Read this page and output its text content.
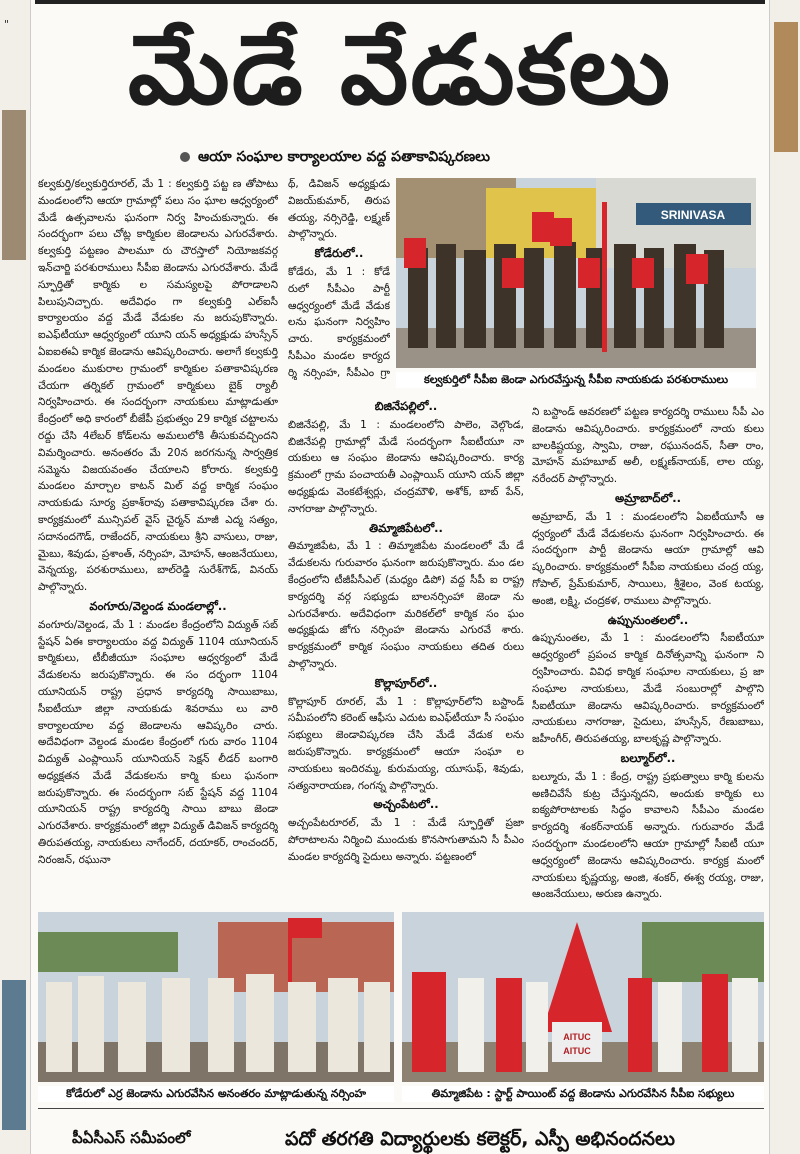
"	మేడే వేడుకలు
ఆయా సంఘాల కార్యాలయాల వద్ద పతాకావిష్కరణలు

కల్వకుర్తి/కల్వకుర్తిరూరల్, మే 1 : కల్వకుర్తి పట్ట ణ తోపాటు మండలంలోని ఆయా గ్రామాల్లో పలు సం ఘాల ఆధ్వర్యంలో మేడే ఉత్సవాలను ఘనంగా నిర్వ హించుకున్నారు. ఈ సందర్భంగా పలు చోట్ల కార్మికుల జెండాలను ఎగురవేశారు. కల్వకుర్తి పట్టణం పాలమూ రు చౌరస్తాలో నియోజకవర్గ ఇన్‌చార్జి పరశురాములు సీపీఐ జెండాను ఎగురవేశారు. మేడే స్ఫూర్తితో కార్మికు ల సమస్యలపై పోరాడాలని పిలుపునిచ్చారు. అదేవిధం గా కల్వకుర్తి ఎల్‌ఐసీ కార్యాలయం వద్ద మేడే వేడుకల ను జరుపుకొన్నారు. ఐఎఫ్‌టీయూ ఆధ్వర్యంలో యూని యన్ అధ్యక్షుడు హుస్సేన్ ఏఐఐఈఏ కార్మిక జెండాను ఆవిష్కరించారు. అలాగే కల్వకుర్తి మండలం ముకురాల గ్రామంలో కార్మికుల పతాకావిష్కరణ చేయగా తర్నికల్ గ్రామంలో కార్మికులు బైక్ ర్యాలీ నిర్వహించారు. ఈ సందర్భంగా నాయకులు మాట్లాడుతూ కేంద్రంలో అధి కారంలో బీజేపీ ప్రభుత్వం 29 కార్మిక చట్టాలను రద్దు చేసి 4లేబర్ కోడ్‌లను అమలులోకి తీసుకువచ్చిందని విమర్శించారు. అనంతరం మే 20న జరగనున్న సార్వత్రిక సమ్మెను విజయవంతం చేయాలని కోరారు. కల్వకుర్తి మండలం మార్చాల కాటన్ మిల్ వద్ద కార్మిక సంఘం నాయకుడు సూర్య ప్రకాశ్‌రావు పతాకావిష్కరణ చేశా రు. కార్యక్రమంలో మున్సిపల్ వైస్ చైర్మన్ మాజీ ఎద్మ సత్యం, సదానందగౌడ్, రాజేందర్, నాయకులు శ్రీని వాసులు, రాజు, మైబు, శివుడు, ప్రశాంత్, నర్సింహ, మోహన్, ఆంజనేయులు, వెన్నయ్య, పరశురాములు, బాల్‌రెడ్డి సురేశ్‌గౌడ్, వినయ్ పాల్గొన్నారు.

వంగూరు/వెల్దండ మండలాల్లో..

వంగూరు/వెల్దండ, మే 1 : మండల కేంద్రంలోని విద్యుత్ సబ్ స్టేషన్ ఏఈ కార్యాలయం వద్ద విద్యుత్ 1104 యూనియన్ కార్మికులు, టీబీజీయూ సంఘాల ఆధ్వర్యంలో మేడే వేడుకలను జరుపుకొన్నారు. ఈ సం దర్భంగా 1104 యూనియన్ రాష్ట్ర ప్రధాన కార్యదర్శి సాయిబాబు, సీఐటీయూ జిల్లా నాయకుడు శివరాము లు వారి కార్యాలయాల వద్ద జెండాలను ఆవిష్కరిం చారు. అదేవిధంగా వెల్దండ మండల కేంద్రంలో గురు వారం 1104 విద్యుత్ ఎంప్లాయిస్ యూనియన్ సెక్షన్ లీడర్ బంగారి అధ్యక్షతన మేడే వేడుకలను కార్మి కులు ఘనంగా జరుపుకొన్నారు. ఈ సందర్భంగా సబ్ స్టేషన్ వద్ద 1104 యూనియన్ రాష్ట్ర కార్యదర్శి సాయి బాబు జెండా ఎగురవేశారు. కార్యక్రమంలో జిల్లా విద్యుత్ డివిజన్ కార్యదర్శి తిరుపతయ్య, నాయకులు నాగేందర్, దయాకర్, రాంచందర్, నిరంజన్, రఘునా

థ్, డివిజన్ అధ్యక్షుడు విజయ్‌కుమార్, తిరుప తయ్య, నర్సిరెడ్డి, లక్ష్మణ్ పాల్గొన్నారు.

కోడేరులో..

కోడేరు, మే 1 : కోడే రులో సీపీఎం పార్టీ ఆధ్వర్యంలో మేడే వేడుక లను ఘనంగా నిర్వహిం చారు. కార్యక్రమంలో సీపీఎం మండల కార్యద ర్శి నర్సింహ, సీపీఎం గ్రా

బిజినేపల్లిలో..

బిజినేపల్లి, మే 1 : మండలంలోని పాలెం, వెల్గొండ, బిజినేపల్లి గ్రామాల్లో మేడే సందర్భంగా సీఐటీయూ నా యకులు ఆ సంఘం జెండాను ఆవిష్కరించారు. కార్య క్రమంలో గ్రామ పంచాయతీ ఎంప్లాయిస్ యూని యన్ జిల్లా అధ్యక్షుడు వెంకటేశ్వర్లు, చంద్రమౌళి, అశోక్, బాబ్ పేన్, నాగరాజు పాల్గొన్నారు.

తిమ్మాజిపేటలో..

తిమ్మాజిపేట, మే 1 : తిమ్మాజిపేట మండలంలో మే డే వేడుకలను గురువారం ఘనంగా జరుపుకొన్నారు. మం డల కేంద్రంలోని టీజీపీసీఎల్ (మధ్యం డిపో) వద్ద సీపీ ఐ రాష్ట్ర కార్యదర్శి వర్గ సభ్యుడు బాలనర్సింహా జెండా ను ఎగురవేశారు. అదేవిధంగా మరికల్‌లో కార్మిక సం ఘం అధ్యక్షుడు జోగు నర్సింహ జెండాను ఎగురవే శారు. కార్యక్రమంలో కార్మిక సంఘం నాయకులు తదిత రులు పాల్గొన్నారు.

కొల్లాపూర్‌లో..

కొల్లాపూర్ రూరల్, మే 1 : కొల్లాపూర్‌లోని బస్టాండ్ సమీపంలోని కరెంట్ ఆఫీసు ఎదుట ఐఎఫ్‌టీయూ సీ సంఘం సభ్యులు జెండావిష్కరణ చేసి మేడే వేడుక లను జరుపుకొన్నారు. కార్యక్రమంలో ఆయా సంఘా ల నాయకులు ఇందిరమ్మ, కురుమయ్య, యూసుఫ్, శివుడు, సత్యనారాయణ, గంగన్న పాల్గొన్నారు.

అచ్చంపేటలో..

అచ్చంపేటరూరల్, మే 1 : మేడే స్ఫూర్తితో ప్రజా పోరాటాలను నిర్మించి ముందుకు కొనసాగుతామని సీ పీఎం మండల కార్యదర్శి సైదులు అన్నారు. పట్టణంలో

ని బస్టాండ్ ఆవరణలో పట్టణ కార్యదర్శి రాములు సీపీ ఎం జెండాను ఆవిష్కరించారు. కార్యక్రమంలో నాయ కులు బాలకిష్టయ్య, స్వామి, రాజు, రఘునందన్, సీతా రాం, మోహన్ మహబూబ్ అలీ, లక్ష్మణ్‌నాయక్, లాల య్య, నరేందర్ పాల్గొన్నారు.

అమ్రాబాద్‌లో..

అమ్రాబాద్, మే 1 : మండలంలోని ఏఐటీయూసీ ఆ ధ్వర్యంలో మేడే వేడుకలను ఘనంగా నిర్వహించారు. ఈ సందర్భంగా పార్టీ జెండాను ఆయా గ్రామాల్లో ఆవి ష్కరించారు. కార్యక్రమంలో సీపీఐ నాయకులు చంద్ర య్య, గోపాల్, ప్రేమ్‌కుమార్, సాయిలు, శ్రీశైలం, వెంక టయ్య, అంజి, లక్ష్మి, చంద్రకళ, రాములు పాల్గొన్నారు.

ఉప్పునుంతలలో..

ఉప్పునుంతల, మే 1 : మండలంలోని సీఐటీయూ ఆధ్వర్యంలో ప్రపంచ కార్మిక దినోత్సవాన్ని ఘనంగా ని ర్వహించారు. వివిధ కార్మిక సంఘాల నాయకులు, ప్ర జా సంఘాల నాయకులు, మేడే సంబురాల్లో పాల్గొని సీఐటీయూ జెండాను ఆవిష్కరించారు. కార్యక్రమంలో నాయకులు నాగరాజు, సైదులు, హుస్సేన్, రేణుబాబు, జహీంగీర్, తిరుపతయ్య, బాలకృష్ణ పాల్గొన్నారు.

బల్మూర్‌లో..

బల్మూరు, మే 1 : కేంద్ర, రాష్ట్ర ప్రభుత్వాలు కార్మి కులను అణిచివేసే కుట్ర చేస్తున్నదని, అందుకు కార్మికు లు ఐక్యపోరాటాలకు సిద్ధం కావాలని సీపీఎం మండల కార్యదర్శి శంకర్‌నాయక్ అన్నారు. గురువారం మేడే సందర్భంగా మండలంలోని ఆయా గ్రామాల్లో సీఐటీ యూ ఆధ్వర్యంలో జెండాను ఆవిష్కరించారు. కార్యక్ర మంలో నాయకులు కృష్ణయ్య, అంజి, శంకర్, ఈశ్వ రయ్య, రాజు, ఆంజనేయులు, అరుణ ఉన్నారు.

SRINIVASA
కల్వకుర్తిలో సీపీఐ జెండా ఎగురవేస్తున్న సీపీఐ నాయకుడు పరశురాములు
కోడేరులో ఎర్ర జెండాను ఎగురవేసిన అనంతరం మాట్లాడుతున్న నర్సింహ
AITUC
AITUC
తిమ్మాజిపేట : స్టార్ట్ పాయింట్ వద్ద జెండాను ఎగురవేసిన సీపీఐ సభ్యులు
పీఏసీఎస్ సమీపంలో	పదో తరగతి విద్యార్థులకు కలెక్టర్, ఎస్పీ అభినందనలు
